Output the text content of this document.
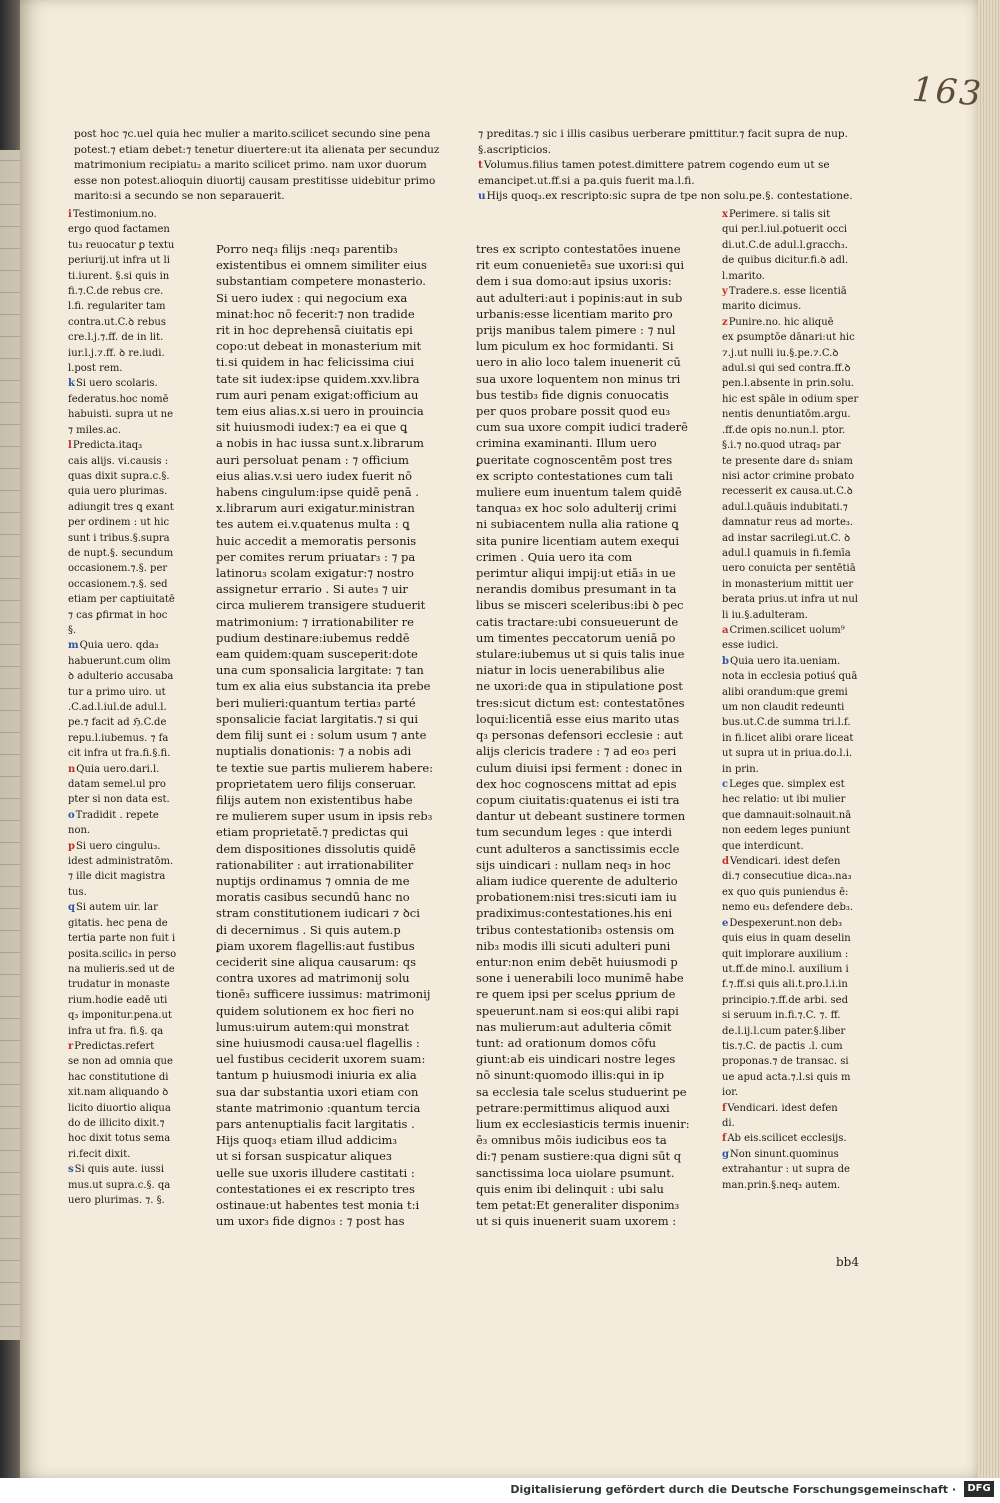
163
post hoc ⁊c.uel quia hec mulier a marito.scilicet secundo sine pena
potest.⁊ etiam debet:⁊ tenetur diuertere:ut ita alienata per secunduz
matrimonium recipiatu₂ a marito scilicet primo. nam uxor duorum
esse non potest.alioquin diuortij causam prestitisse uidebitur primo
marito:si a secundo se non separauerit.
⁊ preditas.⁊ sic i illis casibus uerberare pmittitur.⁊ facit supra de nup.
§.ascripticios.
tVolumus.filius tamen potest.dimittere patrem cogendo eum ut se
emancipet.ut.ff.si a pa.quis fuerit ma.l.fi.
uHijs quoq₃.ex rescripto:sic supra de tpe non solu.pe.§. contestatione.
iTestimonium.no.
ergo quod factamen
tu₃ reuocatur ꝑ textu
periurij.ut infra ut li
ti.iurent. §.si quis in
fi.⁊.C.de rebus cre.
l.fi. regulariter tam
contra.ut.C.ꝺ rebus
cre.l.j.⁊.ff. de in lit.
iur.l.j.⁊.ff. ꝺ re.iudi.
l.post rem.
kSi uero scolaris.
federatus.hoc nomē
habuisti. supra ut ne
⁊ miles.ac.
lPredicta.itaq₃
cais alijs. vi.causis :
quas dixit supra.c.§.
quia uero plurimas.
adiungit tres ꝗ exant
per ordinem : ut hic
sunt i tribus.§.supra
de nupt.§. secundum
occasionem.⁊.§. per
occasionem.⁊.§. sed
etiam per captiuitatē
⁊ cas ꝑfirmat in hoc
§.
mQuia uero. qda₃
habuerunt.cum olim
ꝺ adulterio accusaba
tur a primo uiro. ut
.C.ad.l.iul.de adul.l.
pe.⁊ facit ad ℌ.C.de
repu.l.iubemus. ⁊ fa
cit infra ut fra.fi.§.fi.
nQuia uero.dari.l.
datam semel.ul pro
pter si non data est.
oTradidit . repete
non.
pSi uero cingulu₃.
idest administratōm.
⁊ ille dicit magistra
tus.
qSi autem uir. lar
gitatis. hec pena de
tertia parte non fuit i
posita.scilic₃ in perso
na mulieris.sed ut de
trudatur in monaste
rium.hodie eadē uti
q₃ imponitur.pena.ut
infra ut fra. fi.§. qa
rPredictas.refert
se non ad omnia que
hac constitutione di
xit.nam aliquando ꝺ
licito diuortio aliqua
do de illicito dixit.⁊
hoc dixit totus sema
ri.fecit dixit.
sSi quis aute. iussi
mus.ut supra.c.§. qa
uero plurimas. ⁊. §.
Porro neq₃ filijs :neq₃ parentib₃
existentibus ei omnem similiter eius
substantiam competere monasterio.
Si uero iudex : qui negocium exa
minat:hoc nō fecerit:⁊ non tradide
rit in hoc deprehensā ciuitatis epi
copo:ut debeat in monasterium mit
ti.si quidem in hac felicissima ciui
tate sit iudex:ipse quidem.xxv.libra
rum auri penam exigat:officium au
tem eius alias.x.si uero in prouincia
sit huiusmodi iudex:⁊ ea ei que ꝗ
a nobis in hac iussa sunt.x.librarum
auri persoluat penam : ⁊ officium
eius alias.v.si uero iudex fuerit nō
habens cingulum:ipse quidē penā .
x.librarum auri exigatur.ministran
tes autem ei.v.quatenus multa : ꝗ
huic accedit a memoratis personis
per comites rerum priuatar₃ : ⁊ pa
latinoru₃ scolam exigatur:⁊ nostro
assignetur errario . Si aute₃ ⁊ uir
circa mulierem transigere studuerit
matrimonium: ⁊ irrationabiliter re
pudium destinare:iubemus reddē
eam quidem:quam susceperit:dote
una cum sponsalicia largitate: ⁊ tan
tum ex alia eius substancia ita prebe
beri mulieri:quantum tertia₃ parté
sponsalicie faciat largitatis.⁊ si qui
dem filij sunt ei : solum usum ⁊ ante
nuptialis donationis: ⁊ a nobis adi
te textie sue partis mulierem habere:
proprietatem uero filijs conseruar.
filijs autem non existentibus habe
re mulierem super usum in ipsis reb₃
etiam proprietatē.⁊ predictas qui
dem dispositiones dissolutis quidē
rationabiliter : aut irrationabiliter
nuptijs ordinamus ⁊ omnia de me
moratis casibus secundū hanc no
stram constitutionem iudicari ⁊ ꝺci
di decernimus . Si quis autem.p
ꝑiam uxorem flagellis:aut fustibus
ceciderit sine aliqua causarum: qs
contra uxores ad matrimonij solu
tionē₃ sufficere iussimus: matrimonij
quidem solutionem ex hoc fieri no
lumus:uirum autem:qui monstrat
sine huiusmodi causa:uel flagellis :
uel fustibus ceciderit uxorem suam:
tantum p huiusmodi iniuria ex alia
sua dar substantia uxori etiam con
stante matrimonio :quantum tercia
pars antenuptialis facit largitatis .
Hijs quoq₃ etiam illud addicim₃
ut si forsan suspicatur aliqueɜ
uelle sue uxoris illudere castitati :
contestationes ei ex rescripto tres
ostinaue:ut habentes test monia t:i
um uxor₃ fide digno₃ : ⁊ post has
tres ex scripto contestatōes inuene
rit eum conuenietē₃ sue uxori:si qui
dem i sua domo:aut ipsius uxoris:
aut adulteri:aut i popinis:aut in sub
urbanis:esse licentiam marito ꝑro
prijs manibus talem pimere : ⁊ nul
lum piculum ex hoc formidanti. Si
uero in alio loco talem inuenerit cū
sua uxore loquentem non minus tri
bus testib₃ fide dignis conuocatis
per quos probare possit quod eu₃
cum sua uxore compit iudici traderē
crimina examinanti. Illum uero
ꝑueritate cognoscentēm post tres
ex scripto contestationes cum tali
muliere eum inuentum talem quidē
tanqua₃ ex hoc solo adulterij crimi
ni subiacentem nulla alia ratione ꝗ
sita punire licentiam autem exequi
crimen . Quia uero ita com
perimtur aliqui impij:ut etiā₃ in ue
nerandis domibus presumant in ta
libus se misceri sceleribus:ibi ꝺ pec
catis tractare:ubi consueuerunt de
um timentes peccatorum ueniā po
stulare:iubemus ut si quis talis inue
niatur in locis uenerabilibus alie
ne uxori:de qua in stipulatione ꝑost
tres:sicut dictum est: contestatōnes
loqui:licentiā esse eius marito utas
q₃ personas defensori ecclesie : aut
alijs clericis tradere : ⁊ ad eo₃ peri
culum diuisi ipsi ferment : donec in
dex hoc cognoscens mittat ad epis
copum ciuitatis:quatenus ei isti tra
dantur ut debeant sustinere tormen
tum secundum leges : que interdi
cunt adulteros a sanctissimis eccle
sijs uindicari : nullam neq₃ in hoc
aliam iudice querente de adulterio
probationem:nisi tres:sicuti iam iu
pradiximus:contestationes.his eni
tribus contestationib₃ ostensis om
nib₃ modis illi sicuti adulteri puni
entur:non enim debēt huiusmodi p
sone i uenerabili loco munimē habe
re quem ipsi per scelus ꝑprium de
speuerunt.nam si eos:qui alibi rapi
nas mulierum:aut adulteria cōmit
tunt: ad orationum domos cōfu
giunt:ab eis uindicari nostre leges
nō sinunt:quomodo illis:qui in ip
sa ecclesia tale scelus studuerint pe
petrare:permittimus aliquod auxi
lium ex ecclesiasticis termis inuenir:
ē₃ omnibus mōis iudicibus eos ta
di:⁊ penam sustiere:qua digni sūt q
sanctissima loca uiolare psumunt.
quis enim ibi delinquit : ubi salu
tem petat:Et generaliter disponim₃
ut si quis inuenerit suam uxorem :
xPerimere. si talis sit
qui per.l.iul.ꝑotuerit occi
di.ut.C.de adul.l.gracch₃.
de quibus dicitur.fi.ꝺ adl.
l.marito.
yTradere.s. esse licentiā
marito dicimus.
zPunire.no. hic aliquē
ex ꝑsumptōe dānari:ut hic
⁊.j.ut nulli iu.§.pe.⁊.C.ꝺ
adul.si qui sed contra.ff.ꝺ
pen.l.absente in prin.solu.
hic est spāle in odium sper
nentis denuntiatōm.argu.
.ff.de opis no.nun.l. ptor.
§.i.⁊ no.quod utraq₃ par
te presente dare d₃ sniam
nisi actor crimine probato
recesserit ex causa.ut.C.ꝺ
adul.l.quāuis indubitati.⁊
damnatur reus ad morte₃.
ad instar sacrilegi.ut.C. ꝺ
adul.l quamuis in fi.femīa
uero conuicta per sentētiā
in monasterium mittit uer
berata prius.ut infra ut nul
li iu.§.adulteram.
aCrimen.scilicet uolum⁹
esse iudici.
bQuia uero ita.ueniam.
nota in ecclesia potiuś quā
alibi orandum:que gremi
um non claudit redeunti
bus.ut.C.de summa tri.l.f.
in fi.licet alibi orare liceat
ut supra ut in priua.do.l.i.
in prin.
cLeges que. simplex est
hec relatio: ut ibi mulier
que damnauit:solnauit.nā
non eedem leges puniunt
que interdicunt.
dVendicari. idest defen
di.⁊ consecutiue dica₃.na₃
ex quo quis puniendus ē:
nemo eu₃ defendere deb₃.
eDespexerunt.non deb₃
quis eius in quam deselin
quit implorare auxilium :
ut.ff.de mino.l. auxilium i
f.⁊.ff.si quis ali.t.pro.l.i.in
principio.⁊.ff.de arbi. sed
si seruum in.fi.⁊.C. ⁊. ff.
de.l.ij.l.cum pater.§.liber
tis.⁊.C. de pactis .l. cum
proponas.⁊ de transac. si
ue apud acta.⁊.l.si quis m
ior.
fVendicari. idest defen
di.
fAb eis.scilicet ecclesijs.
gNon sinunt.quominus
extrahantur : ut supra de
man.prin.§.neq₃ autem.
bb4
Digitalisierung gefördert durch die Deutsche Forschungsgemeinschaft ·	DFG
